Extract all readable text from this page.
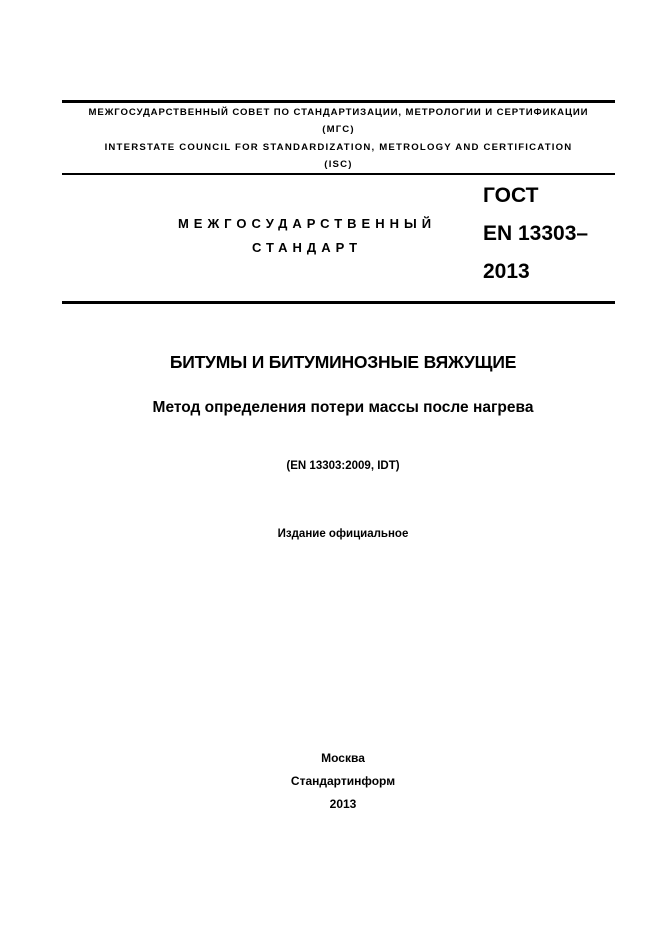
МЕЖГОСУДАРСТВЕННЫЙ СОВЕТ ПО СТАНДАРТИЗАЦИИ, МЕТРОЛОГИИ И СЕРТИФИКАЦИИ
(МГС)
INTERSTATE COUNCIL FOR STANDARDIZATION, METROLOGY AND CERTIFICATION
(ISC)
МЕЖГОСУДАРСТВЕННЫЙ
СТАНДАРТ
ГОСТ
EN 13303–
2013
БИТУМЫ И БИТУМИНОЗНЫЕ ВЯЖУЩИЕ
Метод определения потери массы после нагрева
(EN 13303:2009, IDT)
Издание официальное
Москва
Стандартинформ
2013
